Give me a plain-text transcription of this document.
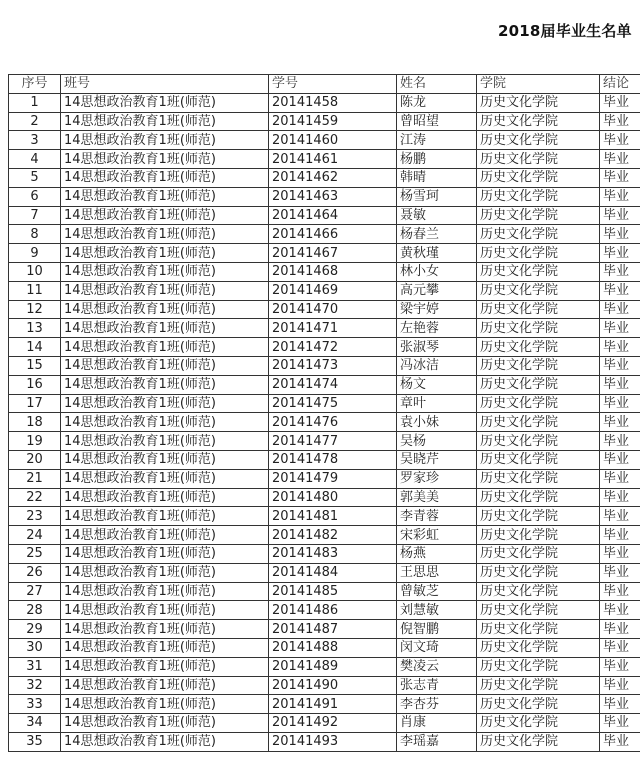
2018届毕业生名单
序号	班号	学号	姓名	学院	结论	
1	14思想政治教育1班(师范)	20141458	陈龙	历史文化学院	毕业	
2	14思想政治教育1班(师范)	20141459	曾昭望	历史文化学院	毕业	
3	14思想政治教育1班(师范)	20141460	江涛	历史文化学院	毕业	
4	14思想政治教育1班(师范)	20141461	杨鹏	历史文化学院	毕业	
5	14思想政治教育1班(师范)	20141462	韩晴	历史文化学院	毕业	
6	14思想政治教育1班(师范)	20141463	杨雪珂	历史文化学院	毕业	
7	14思想政治教育1班(师范)	20141464	聂敏	历史文化学院	毕业	
8	14思想政治教育1班(师范)	20141466	杨春兰	历史文化学院	毕业	
9	14思想政治教育1班(师范)	20141467	黄秋瑾	历史文化学院	毕业	
10	14思想政治教育1班(师范)	20141468	林小女	历史文化学院	毕业	
11	14思想政治教育1班(师范)	20141469	高元攀	历史文化学院	毕业	
12	14思想政治教育1班(师范)	20141470	梁宇婷	历史文化学院	毕业	
13	14思想政治教育1班(师范)	20141471	左艳蓉	历史文化学院	毕业	
14	14思想政治教育1班(师范)	20141472	张淑琴	历史文化学院	毕业	
15	14思想政治教育1班(师范)	20141473	冯冰洁	历史文化学院	毕业	
16	14思想政治教育1班(师范)	20141474	杨文	历史文化学院	毕业	
17	14思想政治教育1班(师范)	20141475	章叶	历史文化学院	毕业	
18	14思想政治教育1班(师范)	20141476	袁小妹	历史文化学院	毕业	
19	14思想政治教育1班(师范)	20141477	吴杨	历史文化学院	毕业	
20	14思想政治教育1班(师范)	20141478	吴晓芹	历史文化学院	毕业	
21	14思想政治教育1班(师范)	20141479	罗家珍	历史文化学院	毕业	
22	14思想政治教育1班(师范)	20141480	郭美美	历史文化学院	毕业	
23	14思想政治教育1班(师范)	20141481	李青蓉	历史文化学院	毕业	
24	14思想政治教育1班(师范)	20141482	宋彩虹	历史文化学院	毕业	
25	14思想政治教育1班(师范)	20141483	杨燕	历史文化学院	毕业	
26	14思想政治教育1班(师范)	20141484	王思思	历史文化学院	毕业	
27	14思想政治教育1班(师范)	20141485	曾敏芝	历史文化学院	毕业	
28	14思想政治教育1班(师范)	20141486	刘慧敏	历史文化学院	毕业	
29	14思想政治教育1班(师范)	20141487	倪智鹏	历史文化学院	毕业	
30	14思想政治教育1班(师范)	20141488	闵文琦	历史文化学院	毕业	
31	14思想政治教育1班(师范)	20141489	樊凌云	历史文化学院	毕业	
32	14思想政治教育1班(师范)	20141490	张志青	历史文化学院	毕业	
33	14思想政治教育1班(师范)	20141491	李杏芬	历史文化学院	毕业	
34	14思想政治教育1班(师范)	20141492	肖康	历史文化学院	毕业	
35	14思想政治教育1班(师范)	20141493	李瑶嘉	历史文化学院	毕业	
